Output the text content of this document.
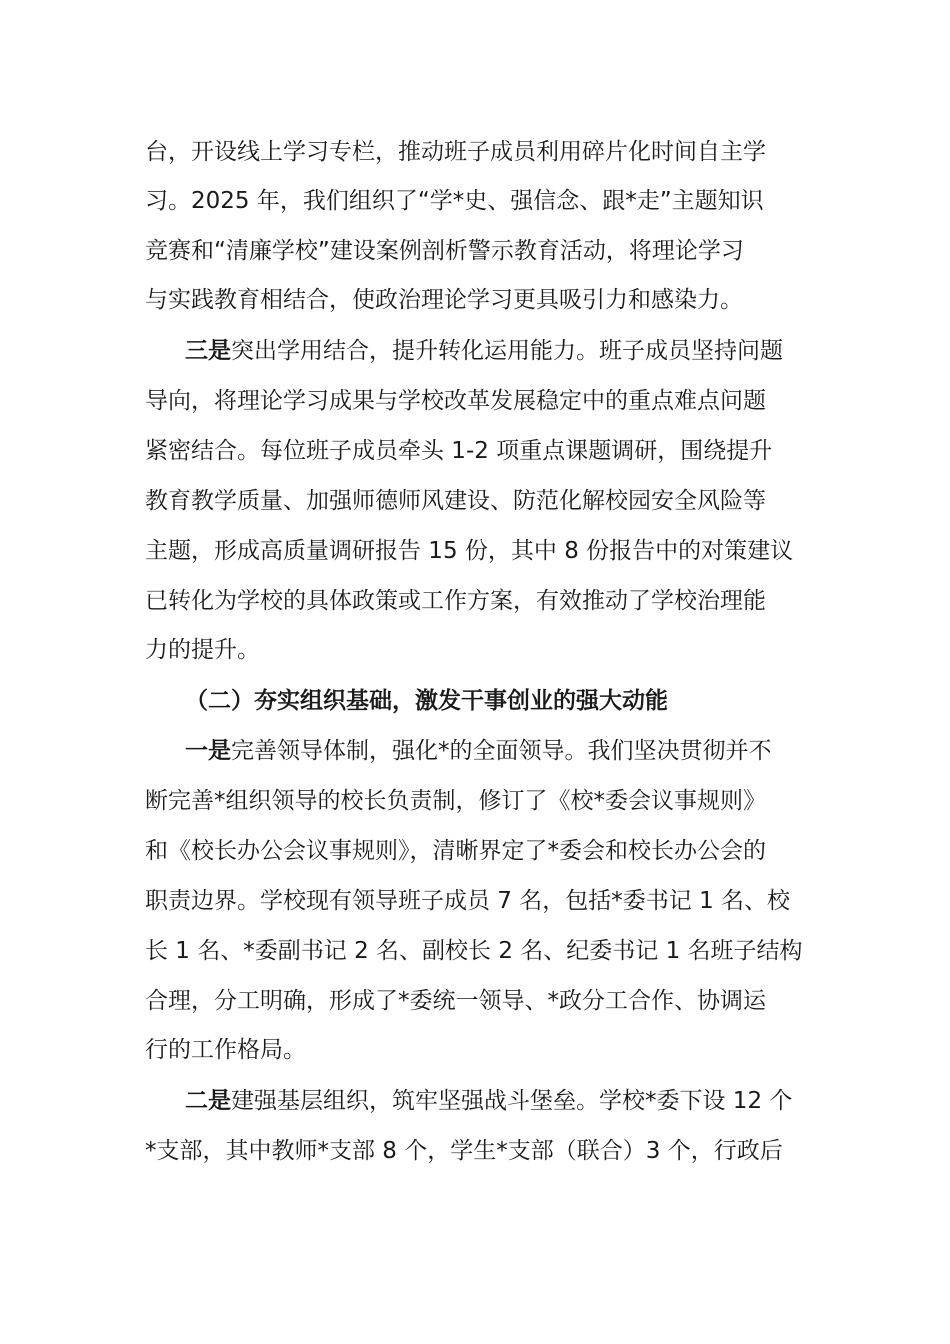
台，开设线上学习专栏，推动班子成员利用碎片化时间自主学
习。2025 年，我们组织了“学*史、强信念、跟*走”主题知识
竞赛和“清廉学校”建设案例剖析警示教育活动，将理论学习
与实践教育相结合，使政治理论学习更具吸引力和感染力。
三是突出学用结合，提升转化运用能力。班子成员坚持问题
导向，将理论学习成果与学校改革发展稳定中的重点难点问题
紧密结合。每位班子成员牵头 1-2 项重点课题调研，围绕提升
教育教学质量、加强师德师风建设、防范化解校园安全风险等
主题，形成高质量调研报告 15 份，其中 8 份报告中的对策建议
已转化为学校的具体政策或工作方案，有效推动了学校治理能
力的提升。
（二）夯实组织基础，激发干事创业的强大动能
一是完善领导体制，强化*的全面领导。我们坚决贯彻并不
断完善*组织领导的校长负责制，修订了《校*委会议事规则》
和《校长办公会议事规则》，清晰界定了*委会和校长办公会的
职责边界。学校现有领导班子成员 7 名，包括*委书记 1 名、校
长 1 名、*委副书记 2 名、副校长 2 名、纪委书记 1 名班子结构
合理，分工明确，形成了*委统一领导、*政分工合作、协调运
行的工作格局。
二是建强基层组织，筑牢坚强战斗堡垒。学校*委下设 12 个
*支部，其中教师*支部 8 个，学生*支部（联合）3 个，行政后
